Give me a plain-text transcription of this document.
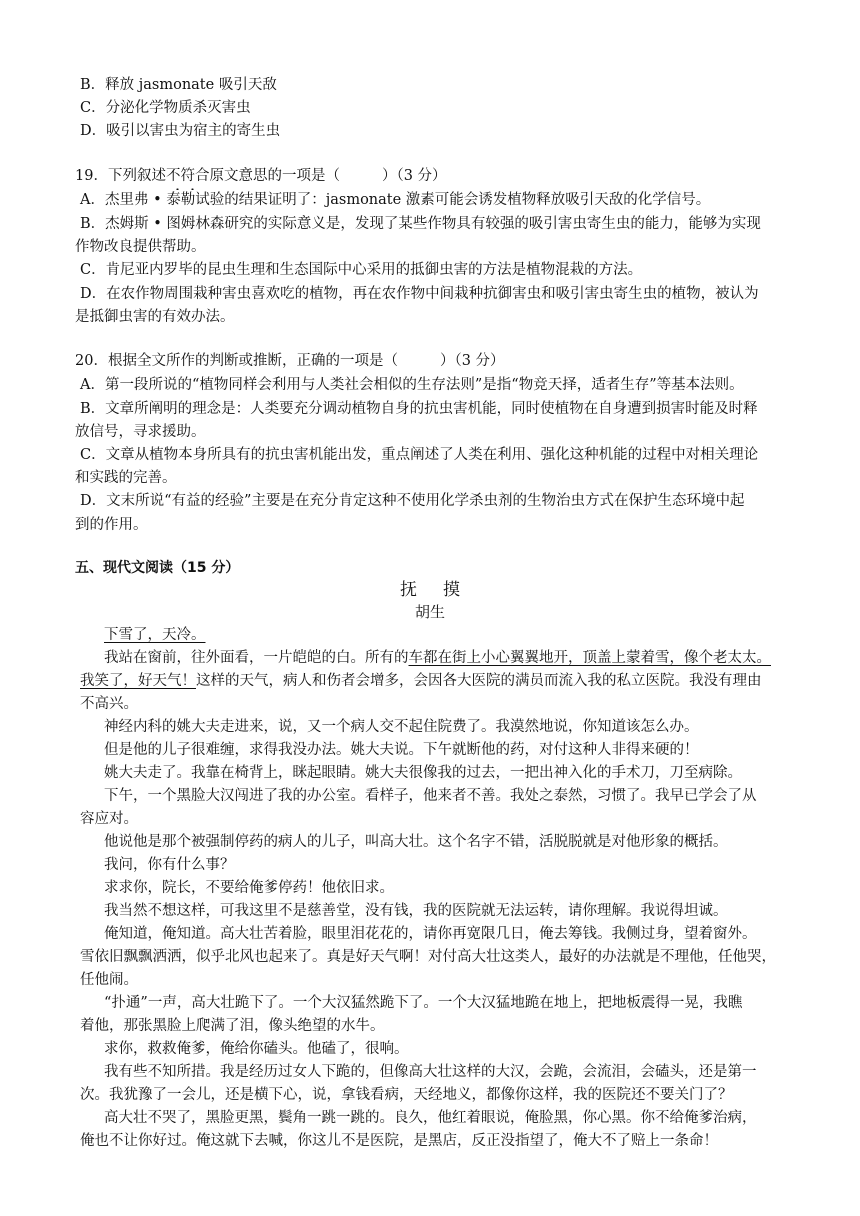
B．释放 jasmonate 吸引天敌
C．分泌化学物质杀灭害虫
D．吸引以害虫为宿主的寄生虫
19．下列叙述不符合原文意思的一项是（	）（3 分）
A．杰里弗 • 泰勒试验的结果证明了：jasmonate 激素可能会诱发植物释放吸引天敌的化学信号。
B．杰姆斯 • 图姆林森研究的实际意义是，发现了某些作物具有较强的吸引害虫寄生虫的能力，能够为实现
作物改良提供帮助。
C．肯尼亚内罗毕的昆虫生理和生态国际中心采用的抵御虫害的方法是植物混栽的方法。
D．在农作物周围栽种害虫喜欢吃的植物，再在农作物中间栽种抗御害虫和吸引害虫寄生虫的植物，被认为
是抵御虫害的有效办法。
20．根据全文所作的判断或推断，正确的一项是（	）（3 分）
A．第一段所说的“植物同样会利用与人类社会相似的生存法则”是指“物竞天择，适者生存”等基本法则。
B．文章所阐明的理念是：人类要充分调动植物自身的抗虫害机能，同时使植物在自身遭到损害时能及时释
放信号，寻求援助。
C．文章从植物本身所具有的抗虫害机能出发，重点阐述了人类在利用、强化这种机能的过程中对相关理论
和实践的完善。
D．文末所说“有益的经验”主要是在充分肯定这种不使用化学杀虫剂的生物治虫方式在保护生态环境中起
到的作用。
五、现代文阅读（15 分）
抚摸
胡生
下雪了，天冷。
我站在窗前，往外面看，一片皑皑的白。所有的车都在街上小心翼翼地开，顶盖上蒙着雪，像个老太太。
我笑了，好天气！这样的天气，病人和伤者会增多，会因各大医院的满员而流入我的私立医院。我没有理由
不高兴。
神经内科的姚大夫走进来，说，又一个病人交不起住院费了。我漠然地说，你知道该怎么办。
但是他的儿子很难缠，求得我没办法。姚大夫说。下午就断他的药，对付这种人非得来硬的！
姚大夫走了。我靠在椅背上，眯起眼睛。姚大夫很像我的过去，一把出神入化的手术刀，刀至病除。
下午，一个黑脸大汉闯进了我的办公室。看样子，他来者不善。我处之泰然，习惯了。我早已学会了从
容应对。
他说他是那个被强制停药的病人的儿子，叫高大壮。这个名字不错，活脱脱就是对他形象的概括。
我问，你有什么事？
求求你，院长，不要给俺爹停药！他依旧求。
我当然不想这样，可我这里不是慈善堂，没有钱，我的医院就无法运转，请你理解。我说得坦诚。
俺知道，俺知道。高大壮苦着脸，眼里泪花花的，请你再宽限几日，俺去筹钱。我侧过身，望着窗外。
雪依旧飘飘洒洒，似乎北风也起来了。真是好天气啊！对付高大壮这类人，最好的办法就是不理他，任他哭，
任他闹。
“扑通”一声，高大壮跪下了。一个大汉猛然跪下了。一个大汉猛地跪在地上，把地板震得一晃，我瞧
着他，那张黑脸上爬满了泪，像头绝望的水牛。
求你，救救俺爹，俺给你磕头。他磕了，很响。
我有些不知所措。我是经历过女人下跪的，但像高大壮这样的大汉，会跪，会流泪，会磕头，还是第一
次。我犹豫了一会儿，还是横下心，说，拿钱看病，天经地义，都像你这样，我的医院还不要关门了？
高大壮不哭了，黑脸更黑，鬓角一跳一跳的。良久，他红着眼说，俺脸黑，你心黑。你不给俺爹治病，
俺也不让你好过。俺这就下去喊，你这儿不是医院，是黑店，反正没指望了，俺大不了赔上一条命！
